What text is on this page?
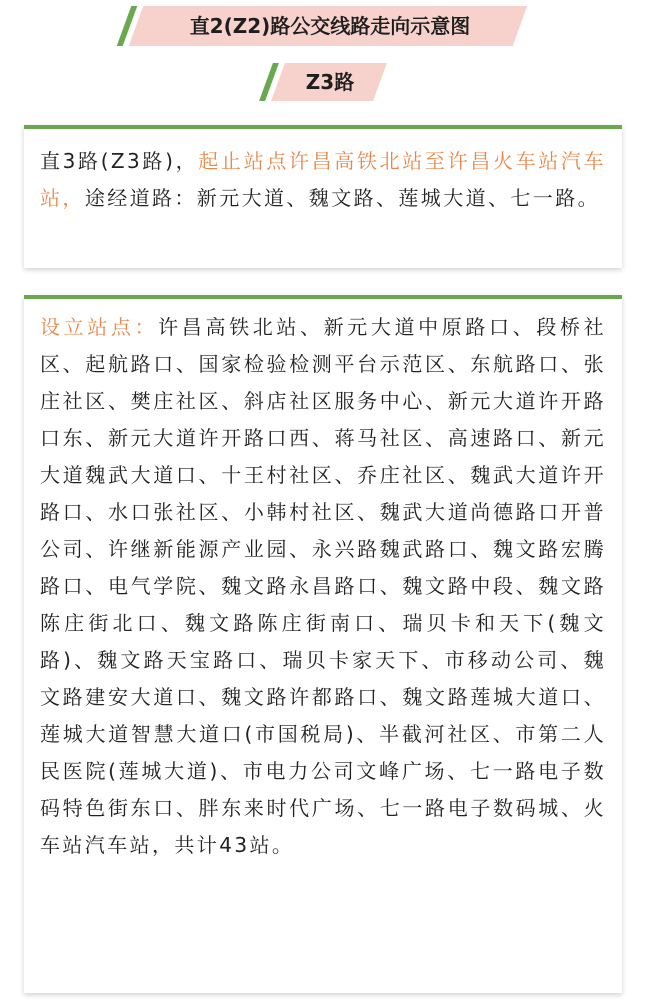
直2(Z2)路公交线路走向示意图
Z3路
直3路(Z3路)，起止站点许昌高铁北站至许昌火车站汽车站，途经道路：新元大道、魏文路、莲城大道、七一路。
设立站点：许昌高铁北站、新元大道中原路口、段桥社区、起航路口、国家检验检测平台示范区、东航路口、张庄社区、樊庄社区、斜店社区服务中心、新元大道许开路口东、新元大道许开路口西、蒋马社区、高速路口、新元大道魏武大道口、十王村社区、乔庄社区、魏武大道许开路口、水口张社区、小韩村社区、魏武大道尚德路口开普公司、许继新能源产业园、永兴路魏武路口、魏文路宏腾路口、电气学院、魏文路永昌路口、魏文路中段、魏文路陈庄街北口、魏文路陈庄街南口、瑞贝卡和天下(魏文路)、魏文路天宝路口、瑞贝卡家天下、市移动公司、魏文路建安大道口、魏文路许都路口、魏文路莲城大道口、莲城大道智慧大道口(市国税局)、半截河社区、市第二人民医院(莲城大道)、市电力公司文峰广场、七一路电子数码特色街东口、胖东来时代广场、七一路电子数码城、火车站汽车站，共计43站。
